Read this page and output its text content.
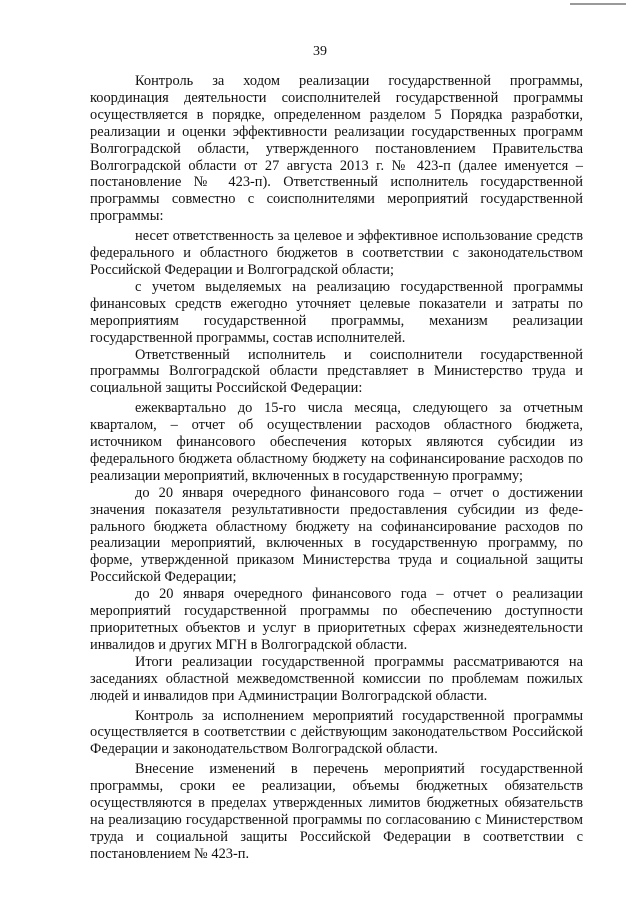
39

Контроль за ходом реализации государственной программы, координация деятельности соисполнителей государственной программы осуществляется в порядке, определенном разделом 5 Порядка разработки, реализации и оценки эффективности реализации государственных программ Волгоградской области, утвержденного постановлением Правительства Волгоградской области от 27 августа 2013 г. № 423-п (далее именуется – постановление № 423-п). Ответственный исполнитель государственной программы совместно с соисполнителями мероприятий государственной программы:

несет ответственность за целевое и эффективное использование средств федерального и областного бюджетов в соответствии с законодательством Российской Федерации и Волгоградской области;

с учетом выделяемых на реализацию государственной программы финансовых средств ежегодно уточняет целевые показатели и затраты по мероприятиям государственной программы, механизм реализации государственной программы, состав исполнителей.

Ответственный исполнитель и соисполнители государственной программы Волгоградской области представляет в Министерство труда и социальной защиты Российской Федерации:

ежеквартально до 15-го числа месяца, следующего за отчетным кварталом, – отчет об осуществлении расходов областного бюджета, источником финансового обеспечения которых являются субсидии из федерального бюджета областному бюджету на софинансирование расходов по реализации мероприятий, включенных в государственную программу;

до 20 января очередного финансового года – отчет о достижении значения показателя результативности предоставления субсидии из федерального бюджета областному бюджету на софинансирование расходов по реализации мероприятий, включенных в государственную программу, по форме, утвержденной приказом Министерства труда и социальной защиты Российской Федерации;

до 20 января очередного финансового года – отчет о реализации мероприятий государственной программы по обеспечению доступности приоритетных объектов и услуг в приоритетных сферах жизнедеятельности инвалидов и других МГН в Волгоградской области.

Итоги реализации государственной программы рассматриваются на заседаниях областной межведомственной комиссии по проблемам пожилых людей и инвалидов при Администрации Волгоградской области.

Контроль за исполнением мероприятий государственной программы осуществляется в соответствии с действующим законодательством Российской Федерации и законодательством Волгоградской области.

Внесение изменений в перечень мероприятий государственной программы, сроки ее реализации, объемы бюджетных обязательств осуществляются в пределах утвержденных лимитов бюджетных обязательств на реализацию государственной программы по согласованию с Министерством труда и социальной защиты Российской Федерации в соответствии с постановлением № 423-п.
